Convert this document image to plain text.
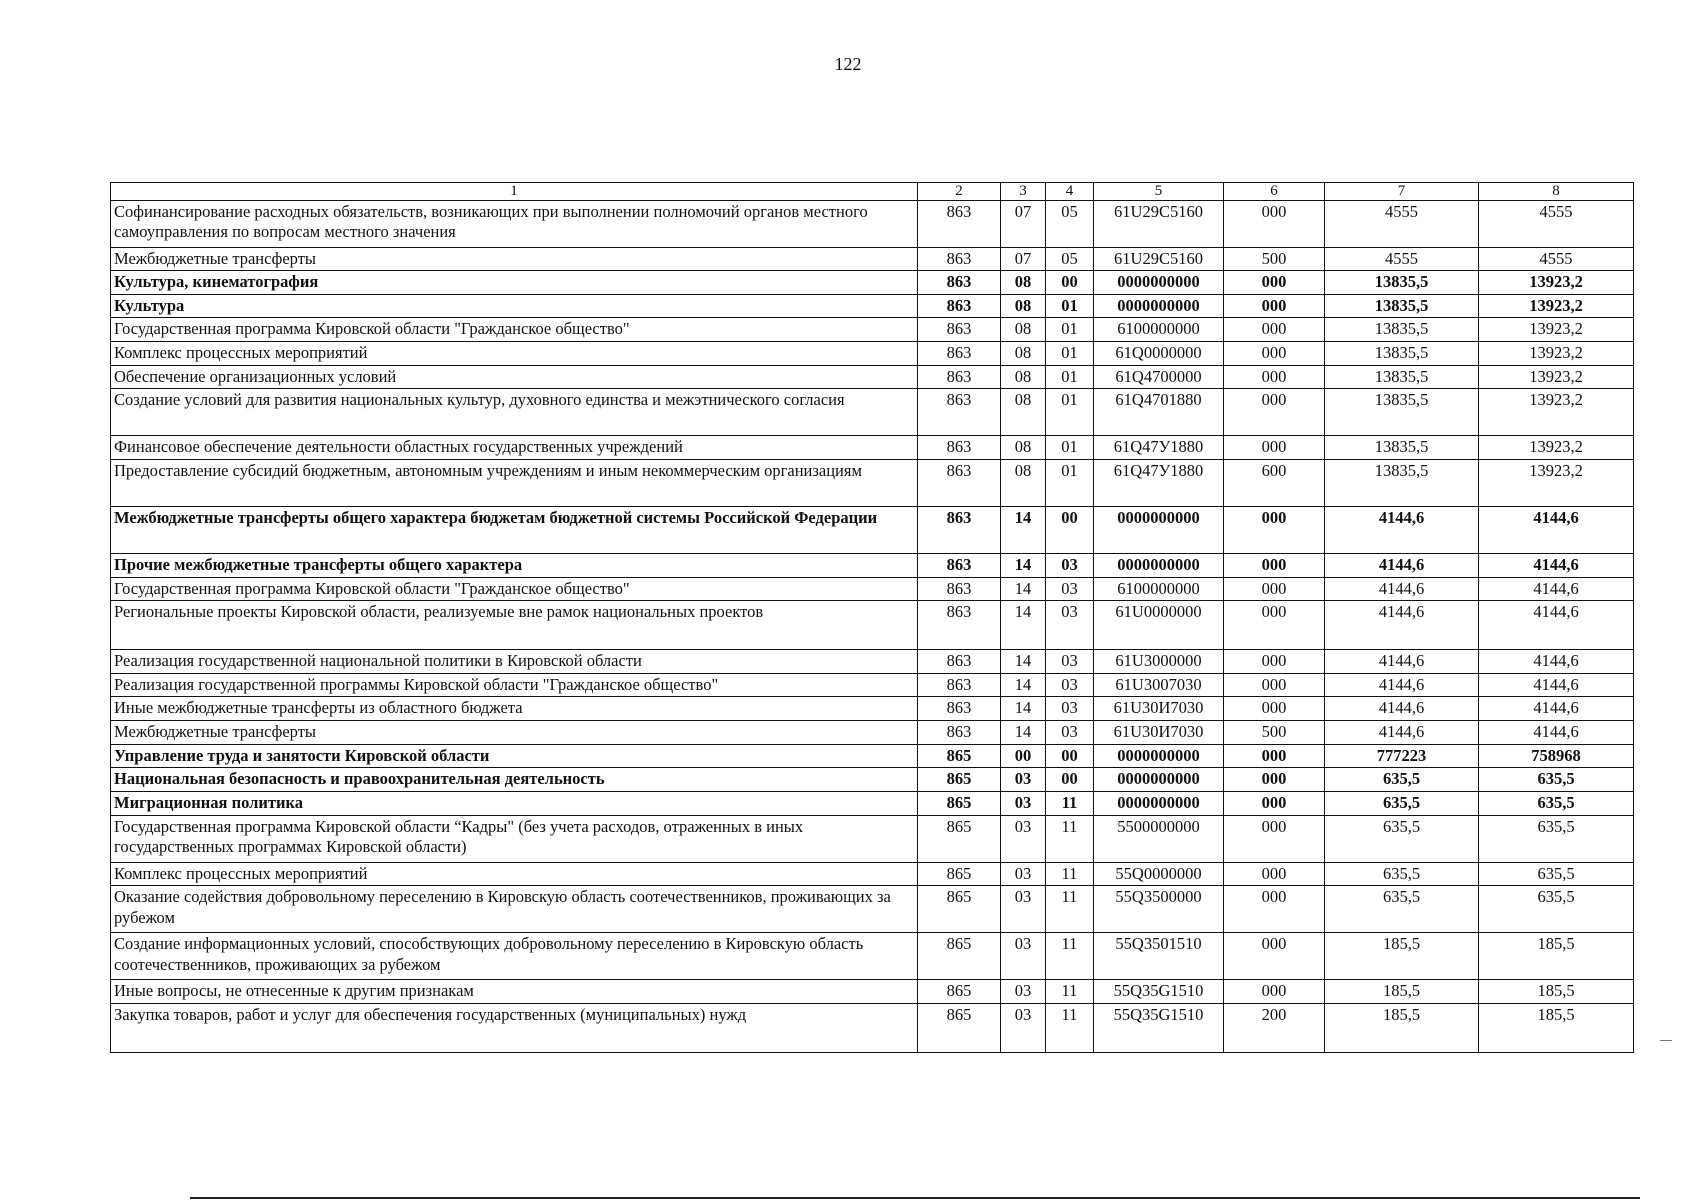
122
1	2	3	4	5	6	7	8
Софинансирование расходных обязательств, возникающих при выполнении полномочий органов местного самоуправления по вопросам местного значения	863	07	05	61U29C5160	000	4555	4555
Межбюджетные трансферты	863	07	05	61U29C5160	500	4555	4555
Культура, кинематография	863	08	00	0000000000	000	13835,5	13923,2
Культура	863	08	01	0000000000	000	13835,5	13923,2
Государственная программа Кировской области "Гражданское общество"	863	08	01	6100000000	000	13835,5	13923,2
Комплекс процессных мероприятий	863	08	01	61Q0000000	000	13835,5	13923,2
Обеспечение организационных условий	863	08	01	61Q4700000	000	13835,5	13923,2
Создание условий для развития национальных культур, духовного единства и межэтнического согласия	863	08	01	61Q4701880	000	13835,5	13923,2
Финансовое обеспечение деятельности областных государственных учреждений	863	08	01	61Q47У1880	000	13835,5	13923,2
Предоставление субсидий бюджетным, автономным учреждениям и иным некоммерческим организациям	863	08	01	61Q47У1880	600	13835,5	13923,2
Межбюджетные трансферты общего характера бюджетам бюджетной системы Российской Федерации	863	14	00	0000000000	000	4144,6	4144,6
Прочие межбюджетные трансферты общего характера	863	14	03	0000000000	000	4144,6	4144,6
Государственная программа Кировской области "Гражданское общество"	863	14	03	6100000000	000	4144,6	4144,6
Региональные проекты Кировской области, реализуемые вне рамок национальных проектов	863	14	03	61U0000000	000	4144,6	4144,6
Реализация государственной национальной политики в Кировской области	863	14	03	61U3000000	000	4144,6	4144,6
Реализация государственной программы Кировской области "Гражданское общество"	863	14	03	61U3007030	000	4144,6	4144,6
Иные межбюджетные трансферты из областного бюджета	863	14	03	61U30И7030	000	4144,6	4144,6
Межбюджетные трансферты	863	14	03	61U30И7030	500	4144,6	4144,6
Управление труда и занятости Кировской области	865	00	00	0000000000	000	777223	758968
Национальная безопасность и правоохранительная деятельность	865	03	00	0000000000	000	635,5	635,5
Миграционная политика	865	03	11	0000000000	000	635,5	635,5
Государственная программа Кировской области “Кадры" (без учета расходов, отраженных в иных государственных программах Кировской области)	865	03	11	5500000000	000	635,5	635,5
Комплекс процессных мероприятий	865	03	11	55Q0000000	000	635,5	635,5
Оказание содействия добровольному переселению в Кировскую область соотечественников, проживающих за рубежом	865	03	11	55Q3500000	000	635,5	635,5
Создание информационных условий, способствующих добровольному переселению в Кировскую область соотечественников, проживающих за рубежом	865	03	11	55Q3501510	000	185,5	185,5
Иные вопросы, не отнесенные к другим признакам	865	03	11	55Q35G1510	000	185,5	185,5
Закупка товаров, работ и услуг для обеспечения государственных (муниципальных) нужд	865	03	11	55Q35G1510	200	185,5	185,5
